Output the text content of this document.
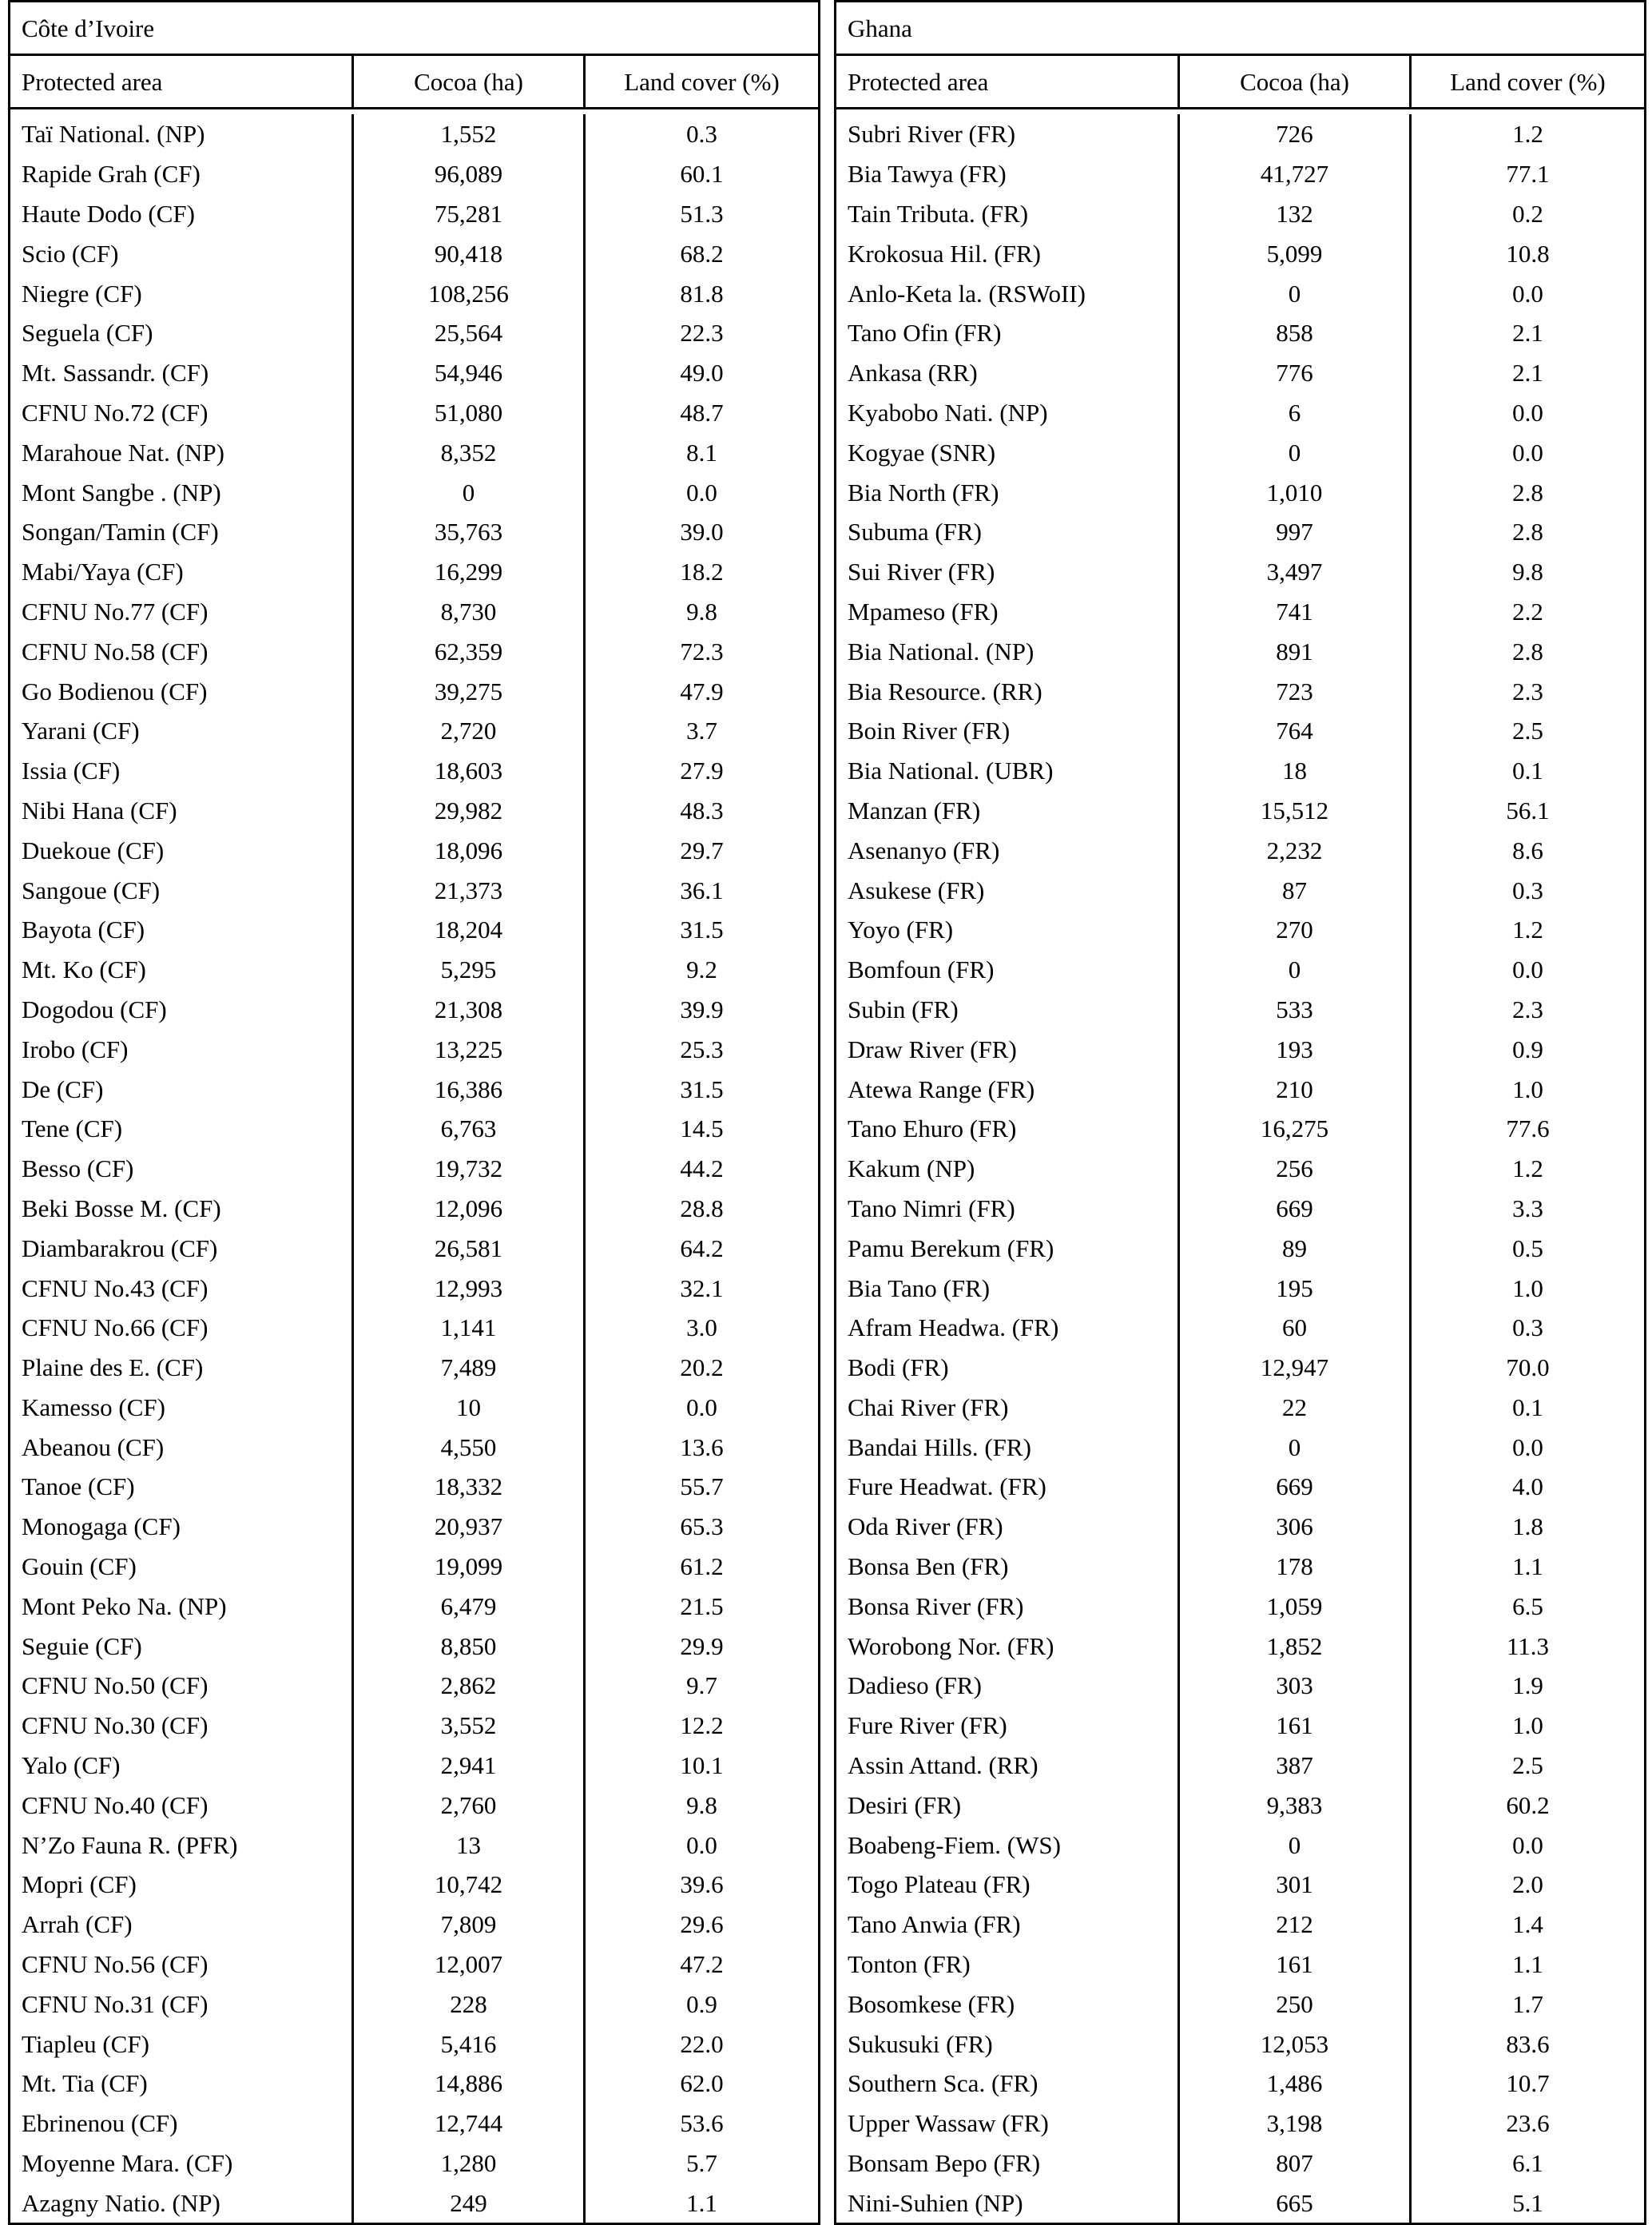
Côte d’Ivoire		
Protected area	Cocoa (ha)	Land cover (%)

Taï National. (NP)	1,552	0.3
Rapide Grah (CF)	96,089	60.1
Haute Dodo (CF)	75,281	51.3
Scio (CF)	90,418	68.2
Niegre (CF)	108,256	81.8
Seguela (CF)	25,564	22.3
Mt. Sassandr. (CF)	54,946	49.0
CFNU No.72 (CF)	51,080	48.7
Marahoue Nat. (NP)	8,352	8.1
Mont Sangbe . (NP)	0	0.0
Songan/Tamin (CF)	35,763	39.0
Mabi/Yaya (CF)	16,299	18.2
CFNU No.77 (CF)	8,730	9.8
CFNU No.58 (CF)	62,359	72.3
Go Bodienou (CF)	39,275	47.9
Yarani (CF)	2,720	3.7
Issia (CF)	18,603	27.9
Nibi Hana (CF)	29,982	48.3
Duekoue (CF)	18,096	29.7
Sangoue (CF)	21,373	36.1
Bayota (CF)	18,204	31.5
Mt. Ko (CF)	5,295	9.2
Dogodou (CF)	21,308	39.9
Irobo (CF)	13,225	25.3
De (CF)	16,386	31.5
Tene (CF)	6,763	14.5
Besso (CF)	19,732	44.2
Beki Bosse M. (CF)	12,096	28.8
Diambarakrou (CF)	26,581	64.2
CFNU No.43 (CF)	12,993	32.1
CFNU No.66 (CF)	1,141	3.0
Plaine des E. (CF)	7,489	20.2
Kamesso (CF)	10	0.0
Abeanou (CF)	4,550	13.6
Tanoe (CF)	18,332	55.7
Monogaga (CF)	20,937	65.3
Gouin (CF)	19,099	61.2
Mont Peko Na. (NP)	6,479	21.5
Seguie (CF)	8,850	29.9
CFNU No.50 (CF)	2,862	9.7
CFNU No.30 (CF)	3,552	12.2
Yalo (CF)	2,941	10.1
CFNU No.40 (CF)	2,760	9.8
N’Zo Fauna R. (PFR)	13	0.0
Mopri (CF)	10,742	39.6
Arrah (CF)	7,809	29.6
CFNU No.56 (CF)	12,007	47.2
CFNU No.31 (CF)	228	0.9
Tiapleu (CF)	5,416	22.0
Mt. Tia (CF)	14,886	62.0
Ebrinenou (CF)	12,744	53.6
Moyenne Mara. (CF)	1,280	5.7
Azagny Natio. (NP)	249	1.1
Ghana		
Protected area	Cocoa (ha)	Land cover (%)

Subri River (FR)	726	1.2
Bia Tawya (FR)	41,727	77.1
Tain Tributa. (FR)	132	0.2
Krokosua Hil. (FR)	5,099	10.8
Anlo-Keta la. (RSWoII)	0	0.0
Tano Ofin (FR)	858	2.1
Ankasa (RR)	776	2.1
Kyabobo Nati. (NP)	6	0.0
Kogyae (SNR)	0	0.0
Bia North (FR)	1,010	2.8
Subuma (FR)	997	2.8
Sui River (FR)	3,497	9.8
Mpameso (FR)	741	2.2
Bia National. (NP)	891	2.8
Bia Resource. (RR)	723	2.3
Boin River (FR)	764	2.5
Bia National. (UBR)	18	0.1
Manzan (FR)	15,512	56.1
Asenanyo (FR)	2,232	8.6
Asukese (FR)	87	0.3
Yoyo (FR)	270	1.2
Bomfoun (FR)	0	0.0
Subin (FR)	533	2.3
Draw River (FR)	193	0.9
Atewa Range (FR)	210	1.0
Tano Ehuro (FR)	16,275	77.6
Kakum (NP)	256	1.2
Tano Nimri (FR)	669	3.3
Pamu Berekum (FR)	89	0.5
Bia Tano (FR)	195	1.0
Afram Headwa. (FR)	60	0.3
Bodi (FR)	12,947	70.0
Chai River (FR)	22	0.1
Bandai Hills. (FR)	0	0.0
Fure Headwat. (FR)	669	4.0
Oda River (FR)	306	1.8
Bonsa Ben (FR)	178	1.1
Bonsa River (FR)	1,059	6.5
Worobong Nor. (FR)	1,852	11.3
Dadieso (FR)	303	1.9
Fure River (FR)	161	1.0
Assin Attand. (RR)	387	2.5
Desiri (FR)	9,383	60.2
Boabeng-Fiem. (WS)	0	0.0
Togo Plateau (FR)	301	2.0
Tano Anwia (FR)	212	1.4
Tonton (FR)	161	1.1
Bosomkese (FR)	250	1.7
Sukusuki (FR)	12,053	83.6
Southern Sca. (FR)	1,486	10.7
Upper Wassaw (FR)	3,198	23.6
Bonsam Bepo (FR)	807	6.1
Nini-Suhien (NP)	665	5.1
